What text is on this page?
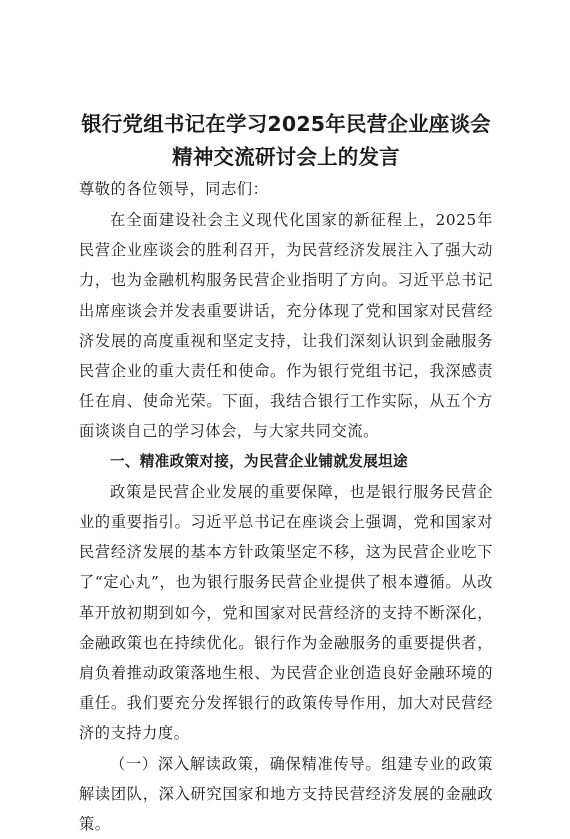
银行党组书记在学习2025年民营企业座谈会
精神交流研讨会上的发言

尊敬的各位领导，同志们：

在全面建设社会主义现代化国家的新征程上，2025年民营企业座谈会的胜利召开，为民营经济发展注入了强大动力，也为金融机构服务民营企业指明了方向。习近平总书记出席座谈会并发表重要讲话，充分体现了党和国家对民营经济发展的高度重视和坚定支持，让我们深刻认识到金融服务民营企业的重大责任和使命。作为银行党组书记，我深感责任在肩、使命光荣。下面，我结合银行工作实际，从五个方面谈谈自己的学习体会，与大家共同交流。

一、精准政策对接，为民营企业铺就发展坦途

政策是民营企业发展的重要保障，也是银行服务民营企业的重要指引。习近平总书记在座谈会上强调，党和国家对民营经济发展的基本方针政策坚定不移，这为民营企业吃下了“定心丸”，也为银行服务民营企业提供了根本遵循。从改革开放初期到如今，党和国家对民营经济的支持不断深化，金融政策也在持续优化。银行作为金融服务的重要提供者，肩负着推动政策落地生根、为民营企业创造良好金融环境的重任。我们要充分发挥银行的政策传导作用，加大对民营经济的支持力度。

（一）深入解读政策，确保精准传导。组建专业的政策解读团队，深入研究国家和地方支持民营经济发展的金融政策。
